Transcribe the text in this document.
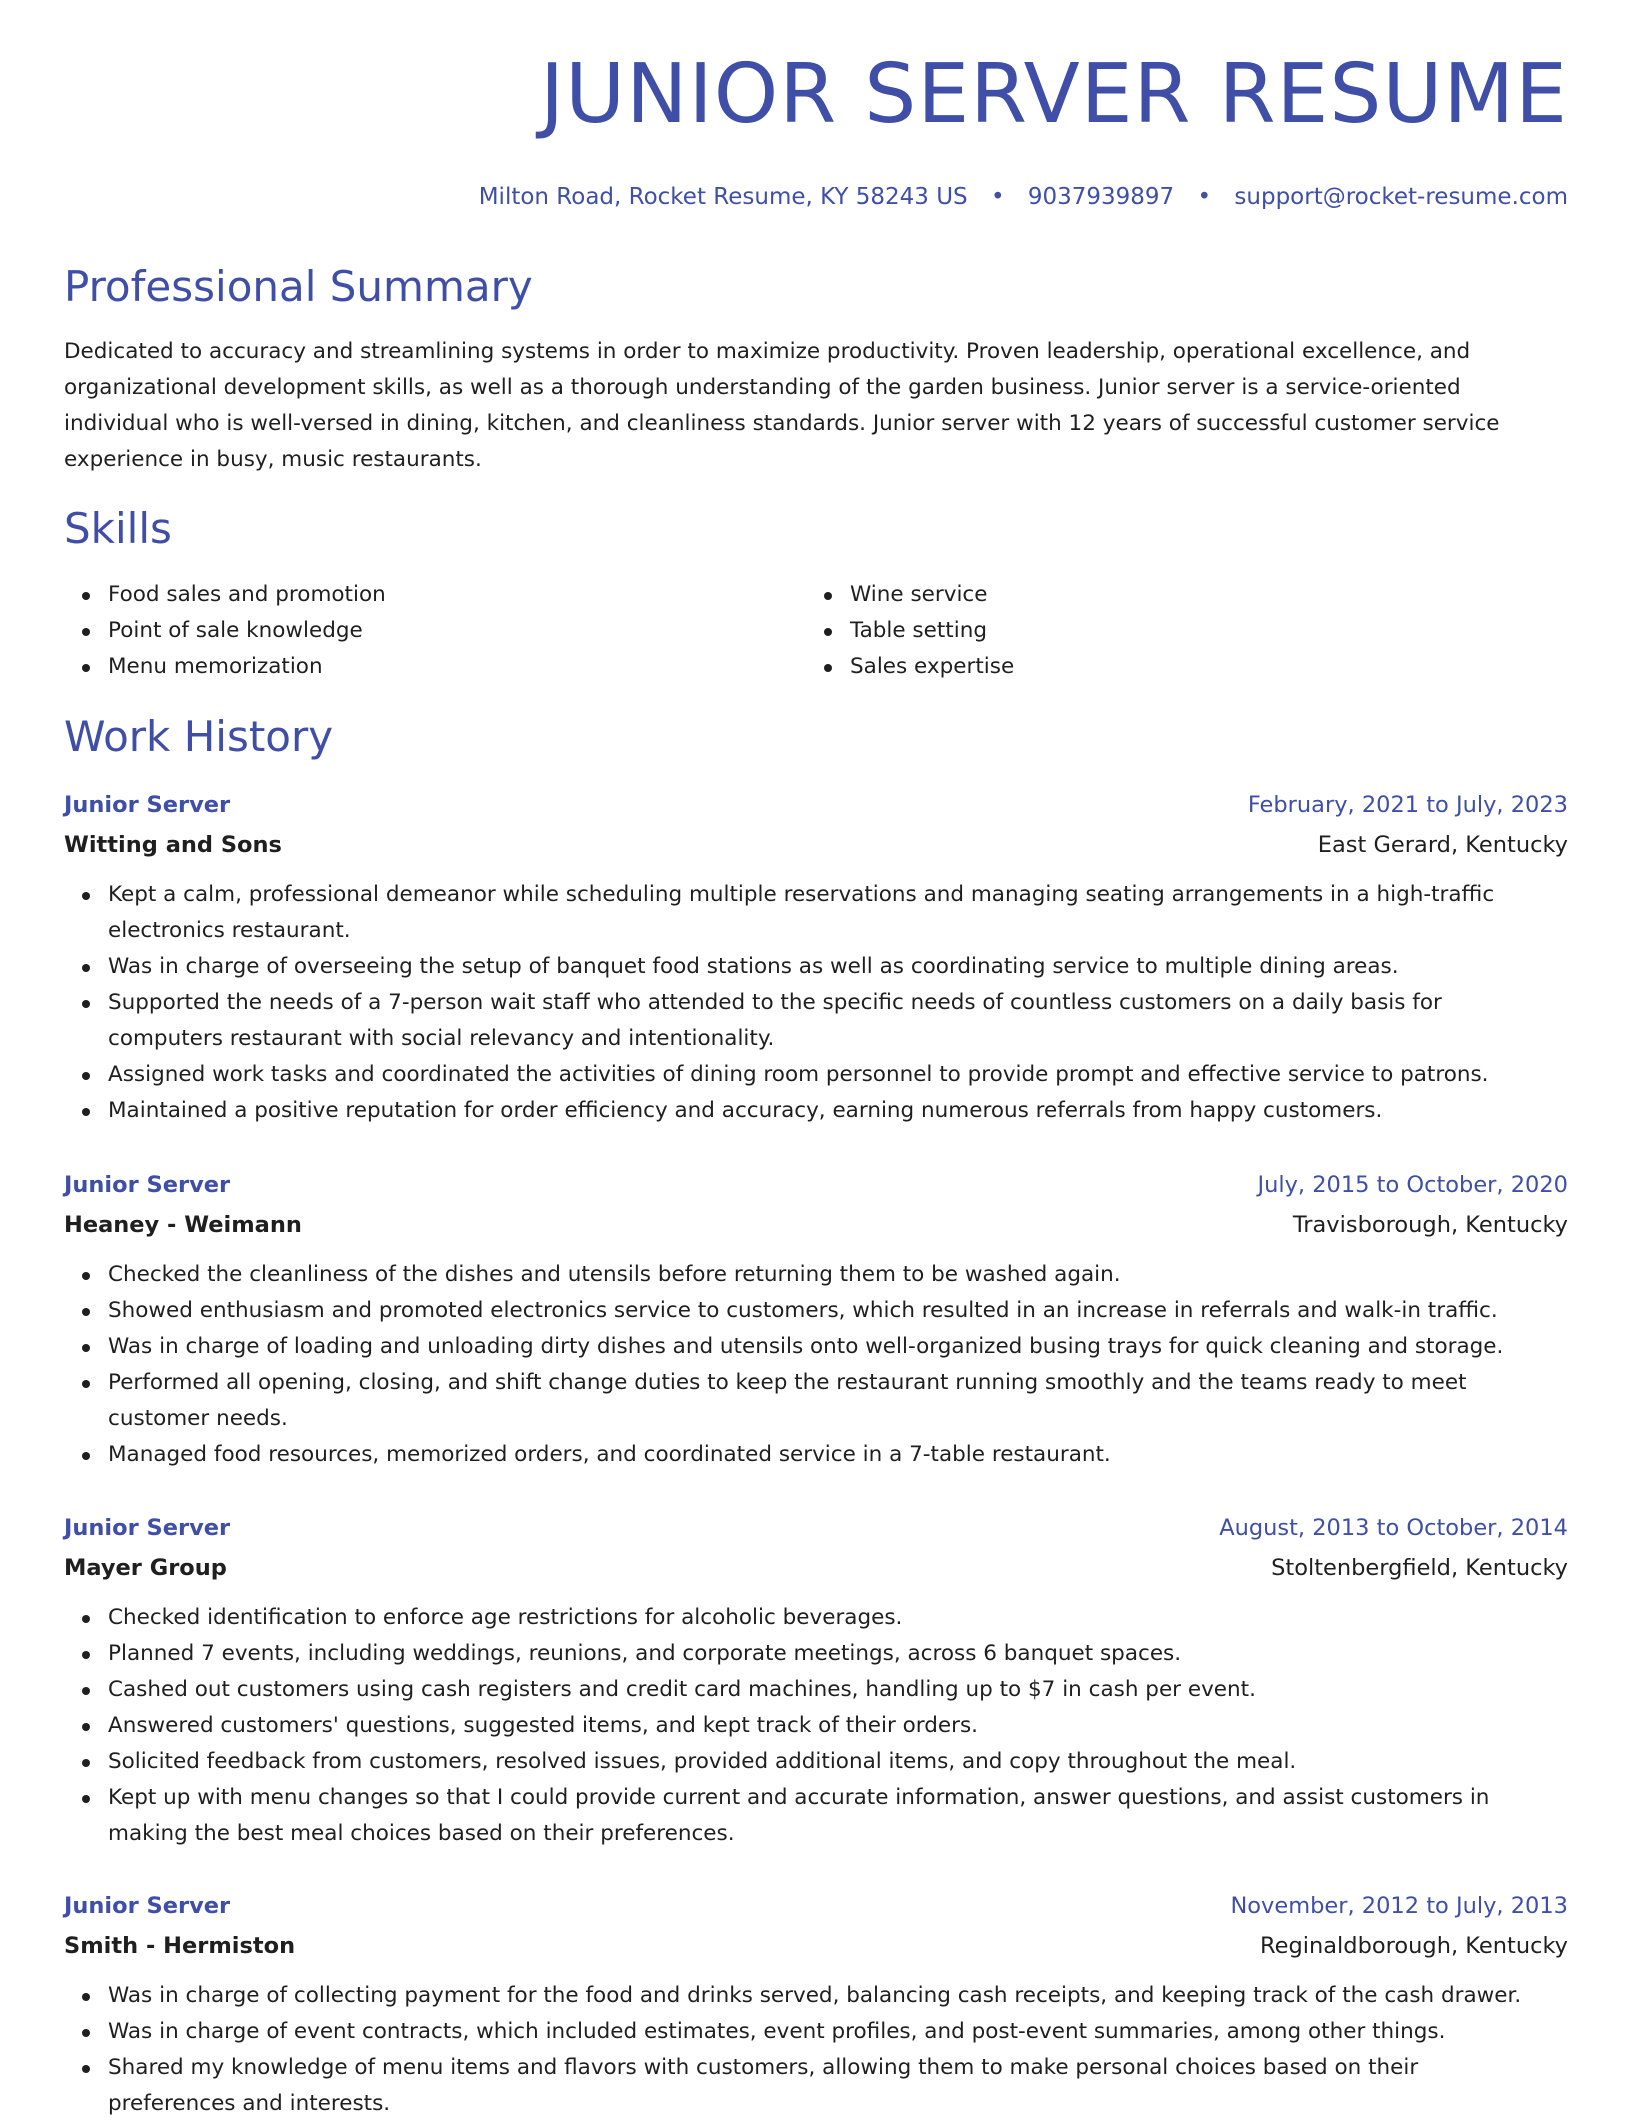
JUNIOR SERVER RESUME
Milton Road, Rocket Resume, KY 58243 US • 9037939897 • support@rocket-resume.com
Professional Summary

Dedicated to accuracy and streamlining systems in order to maximize productivity. Proven leadership, operational excellence, and organizational development skills, as well as a thorough understanding of the garden business. Junior server is a service-oriented individual who is well-versed in dining, kitchen, and cleanliness standards. Junior server with 12 years of successful customer service experience in busy, music restaurants.

Skills
Food sales and promotion
Point of sale knowledge
Menu memorization
Wine service
Table setting
Sales expertise
Work History
Junior Server	February, 2021 to July, 2023
Witting and Sons	East Gerard, Kentucky
Kept a calm, professional demeanor while scheduling multiple reservations and managing seating arrangements in a high-traffic electronics restaurant.
Was in charge of overseeing the setup of banquet food stations as well as coordinating service to multiple dining areas.
Supported the needs of a 7-person wait staff who attended to the specific needs of countless customers on a daily basis for computers restaurant with social relevancy and intentionality.
Assigned work tasks and coordinated the activities of dining room personnel to provide prompt and effective service to patrons.
Maintained a positive reputation for order efficiency and accuracy, earning numerous referrals from happy customers.
Junior Server	July, 2015 to October, 2020
Heaney - Weimann	Travisborough, Kentucky
Checked the cleanliness of the dishes and utensils before returning them to be washed again.
Showed enthusiasm and promoted electronics service to customers, which resulted in an increase in referrals and walk-in traffic.
Was in charge of loading and unloading dirty dishes and utensils onto well-organized busing trays for quick cleaning and storage.
Performed all opening, closing, and shift change duties to keep the restaurant running smoothly and the teams ready to meet customer needs.
Managed food resources, memorized orders, and coordinated service in a 7-table restaurant.
Junior Server	August, 2013 to October, 2014
Mayer Group	Stoltenbergfield, Kentucky
Checked identification to enforce age restrictions for alcoholic beverages.
Planned 7 events, including weddings, reunions, and corporate meetings, across 6 banquet spaces.
Cashed out customers using cash registers and credit card machines, handling up to $7 in cash per event.
Answered customers' questions, suggested items, and kept track of their orders.
Solicited feedback from customers, resolved issues, provided additional items, and copy throughout the meal.
Kept up with menu changes so that I could provide current and accurate information, answer questions, and assist customers in making the best meal choices based on their preferences.
Junior Server	November, 2012 to July, 2013
Smith - Hermiston	Reginaldborough, Kentucky
Was in charge of collecting payment for the food and drinks served, balancing cash receipts, and keeping track of the cash drawer.
Was in charge of event contracts, which included estimates, event profiles, and post-event summaries, among other things.
Shared my knowledge of menu items and flavors with customers, allowing them to make personal choices based on their preferences and interests.
